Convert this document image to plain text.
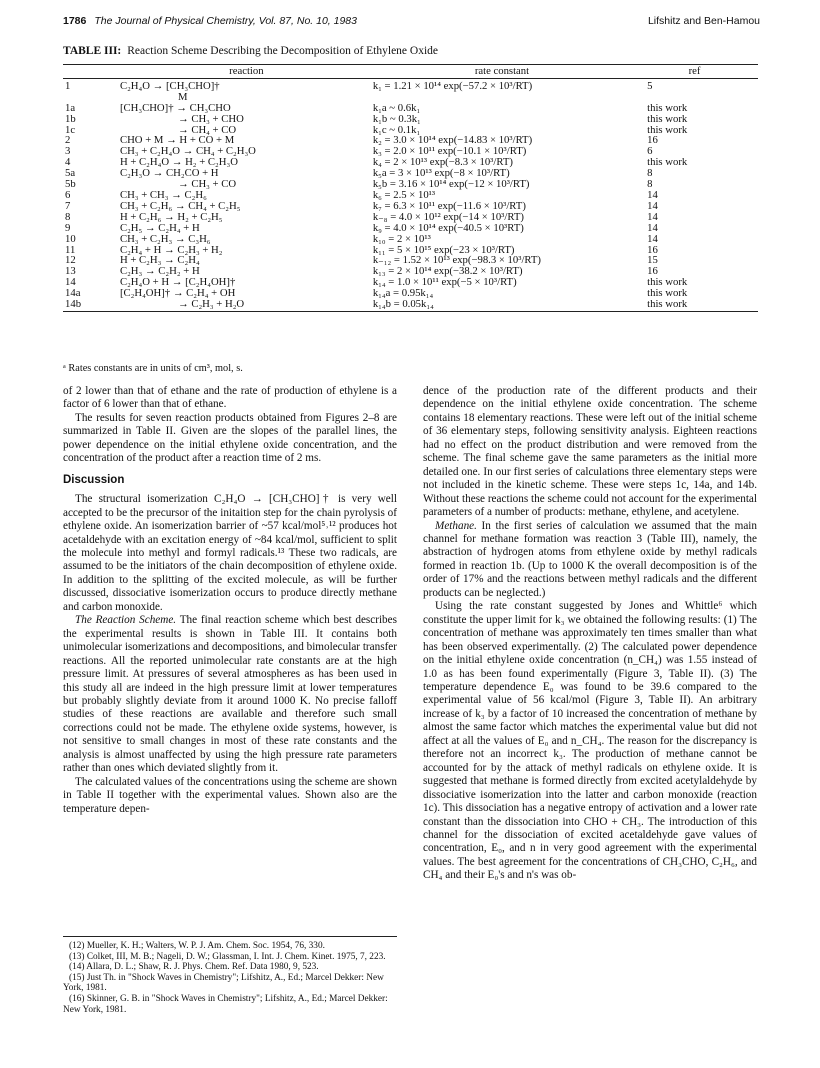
1786 The Journal of Physical Chemistry, Vol. 87, No. 10, 1983	Lifshitz and Ben-Hamou
TABLE III: Reaction Scheme Describing the Decomposition of Ethylene Oxide
	reaction	rate constant	ref
1	C₂H₄O → [CH₃CHO]†	k₁ = 1.21 × 10¹⁴ exp(−57.2 × 10³/RT)	5
	M		
1a	[CH₃CHO]† → CH₃CHO	k₁a ~ 0.6k₁	this work
1b	→ CH₃ + CHO	k₁b ~ 0.3k₁	this work
1c	→ CH₄ + CO	k₁c ~ 0.1k₁	this work
2	CHO + M → H + CO + M	k₂ = 3.0 × 10¹⁴ exp(−14.83 × 10³/RT)	16
3	CH₃ + C₂H₄O → CH₄ + C₂H₃O	k₃ = 2.0 × 10¹¹ exp(−10.1 × 10³/RT)	6
4	H + C₂H₄O → H₂ + C₂H₃O	k₄ = 2 × 10¹³ exp(−8.3 × 10³/RT)	this work
5a	C₂H₃O → CH₂CO + H	k₅a = 3 × 10¹³ exp(−8 × 10³/RT)	8
5b	→ CH₃ + CO	k₅b = 3.16 × 10¹⁴ exp(−12 × 10³/RT)	8
6	CH₃ + CH₃ → C₂H₆	k₆ = 2.5 × 10¹³	14
7	CH₃ + C₂H₆ → CH₄ + C₂H₅	k₇ = 6.3 × 10¹¹ exp(−11.6 × 10³/RT)	14
8	H + C₂H₆ → H₂ + C₂H₅	k₋₈ = 4.0 × 10¹² exp(−14 × 10³/RT)	14
9	C₂H₅ → C₂H₄ + H	k₉ = 4.0 × 10¹⁴ exp(−40.5 × 10³RT)	14
10	CH₃ + C₂H₃ → C₃H₆	k₁₀ = 2 × 10¹³	14
11	C₂H₄ + H → C₂H₃ + H₂	k₁₁ = 5 × 10¹⁵ exp(−23 × 10³/RT)	16
12	H + C₂H₃ → C₂H₄	k₋₁₂ = 1.52 × 10¹³ exp(−98.3 × 10³/RT)	15
13	C₂H₃ → C₂H₂ + H	k₁₃ = 2 × 10¹⁴ exp(−38.2 × 10³/RT)	16
14	C₂H₄O + H → [C₂H₄OH]†	k₁₄ = 1.0 × 10¹¹ exp(−5 × 10³/RT)	this work
14a	[C₂H₄OH]† → C₂H₄ + OH	k₁₄a = 0.95k₁₄	this work
14b	→ C₂H₃ + H₂O	k₁₄b = 0.05k₁₄	this work
ᵃ Rates constants are in units of cm³, mol, s.

of 2 lower than that of ethane and the rate of production of ethylene is a factor of 6 lower than that of ethane.

The results for seven reaction products obtained from Figures 2–8 are summarized in Table II. Given are the slopes of the parallel lines, the power dependence on the initial ethylene oxide concentration, and the concentration of the product after a reaction time of 2 ms.

Discussion

The structural isomerization C₂H₄O → [CH₃CHO]† is very well accepted to be the precursor of the initaition step for the chain pyrolysis of ethylene oxide. An isomerization barrier of ~57 kcal/mol⁵˒¹² produces hot acetaldehyde with an excitation energy of ~84 kcal/mol, sufficient to split the molecule into methyl and formyl radicals.¹³ These two radicals, are assumed to be the initiators of the chain decomposition of ethylene oxide. In addition to the splitting of the excited molecule, as will be further discussed, dissociative isomerization occurs to produce directly methane and carbon monoxide.

The Reaction Scheme. The final reaction scheme which best describes the experimental results is shown in Table III. It contains both unimolecular isomerizations and decompositions, and bimolecular transfer reactions. All the reported unimolecular rate constants are at the high pressure limit. At pressures of several atmospheres as has been used in this study all are indeed in the high pressure limit at lower temperatures but probably slightly deviate from it around 1000 K. No precise falloff studies of these reactions are available and therefore such small corrections could not be made. The ethylene oxide systems, however, is not sensitive to small changes in most of these rate constants and the analysis is almost unaffected by using the high pressure rate parameters rather than ones which deviated slightly from it.

The calculated values of the concentrations using the scheme are shown in Table II together with the experimental values. Shown also are the temperature depen-

(12) Mueller, K. H.; Walters, W. P. J. Am. Chem. Soc. 1954, 76, 330.
(13) Colket, III, M. B.; Nageli, D. W.; Glassman, I. Int. J. Chem. Kinet. 1975, 7, 223.
(14) Allara, D. L.; Shaw, R. J. Phys. Chem. Ref. Data 1980, 9, 523.
(15) Just Th. in "Shock Waves in Chemistry"; Lifshitz, A., Ed.; Marcel Dekker: New York, 1981.
(16) Skinner, G. B. in "Shock Waves in Chemistry"; Lifshitz, A., Ed.; Marcel Dekker: New York, 1981.

dence of the production rate of the different products and their dependence on the initial ethylene oxide concentration. The scheme contains 18 elementary reactions. These were left out of the initial scheme of 36 elementary steps, following sensitivity analysis. Eighteen reactions had no effect on the product distribution and were removed from the scheme. The final scheme gave the same parameters as the initial more detailed one. In our first series of calculations three elementary steps were not included in the kinetic scheme. These were steps 1c, 14a, and 14b. Without these reactions the scheme could not account for the experimental parameters of a number of products: methane, ethylene, and acetylene.

Methane. In the first series of calculation we assumed that the main channel for methane formation was reaction 3 (Table III), namely, the abstraction of hydrogen atoms from ethylene oxide by methyl radicals formed in reaction 1b. (Up to 1000 K the overall decomposition is of the order of 17% and the reactions between methyl radicals and the different products can be neglected.)

Using the rate constant suggested by Jones and Whittle⁶ which constitute the upper limit for k₃ we obtained the following results: (1) The concentration of methane was approximately ten times smaller than what has been observed experimentally. (2) The calculated power dependence on the initial ethylene oxide concentration (n_CH₄) was 1.55 instead of 1.0 as has been found experimentally (Figure 3, Table II). (3) The temperature dependence E₀ was found to be 39.6 compared to the experimental value of 56 kcal/mol (Figure 3, Table II). An arbitrary increase of k₃ by a factor of 10 increased the concentration of methane by almost the same factor which matches the experimental value but did not affect at all the values of E₀ and n_CH₄. The reason for the discrepancy is therefore not an incorrect k₃. The production of methane cannot be accounted for by the attack of methyl radicals on ethylene oxide. It is suggested that methane is formed directly from excited acetylaldehyde by dissociative isomerization into the latter and carbon monoxide (reaction 1c). This dissociation has a negative entropy of activation and a lower rate constant than the dissociation into CHO + CH₃. The introduction of this channel for the dissociation of excited acetaldehyde gave values of concentration, E₀, and n in very good agreement with the experimental values. The best agreement for the concentrations of CH₃CHO, C₂H₆, and CH₄ and their E₀'s and n's was ob-
